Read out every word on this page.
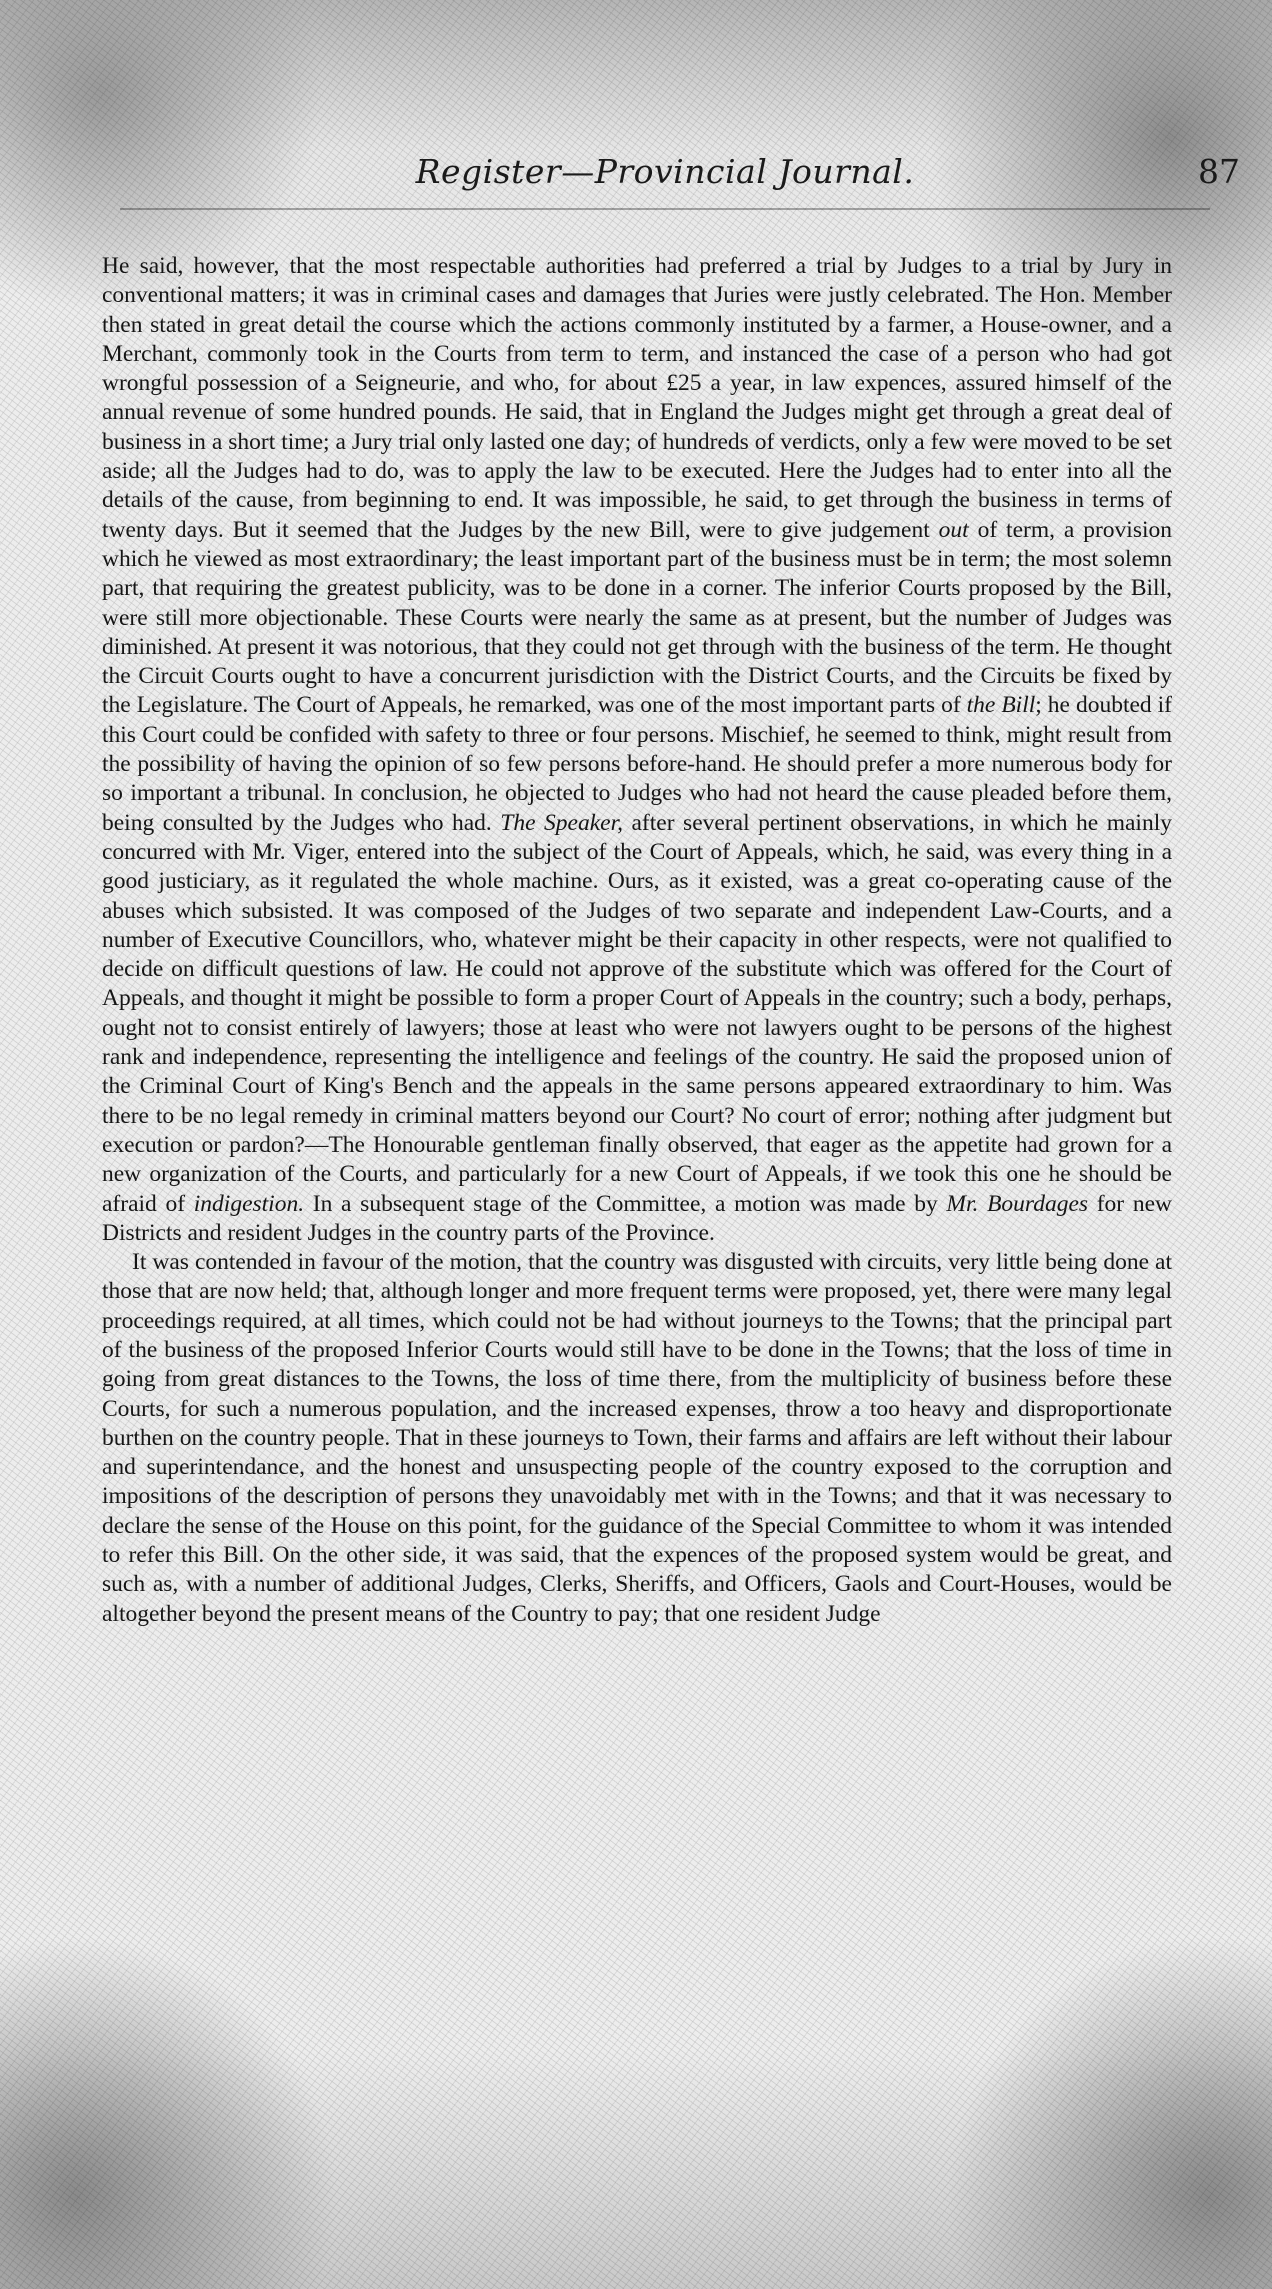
Register—Provincial Journal.	87

He said, however, that the most respectable authorities had preferred a trial by Judges to a trial by Jury in conventional matters; it was in criminal cases and damages that Juries were justly celebrated. The Hon. Member then stated in great detail the course which the actions commonly instituted by a farmer, a House-owner, and a Merchant, commonly took in the Courts from term to term, and instanced the case of a person who had got wrongful possession of a Seigneurie, and who, for about £25 a year, in law expences, assured himself of the annual revenue of some hundred pounds. He said, that in England the Judges might get through a great deal of business in a short time; a Jury trial only lasted one day; of hundreds of verdicts, only a few were moved to be set aside; all the Judges had to do, was to apply the law to be executed. Here the Judges had to enter into all the details of the cause, from beginning to end. It was impossible, he said, to get through the business in terms of twenty days. But it seemed that the Judges by the new Bill, were to give judgement out of term, a provision which he viewed as most extraordinary; the least important part of the business must be in term; the most solemn part, that requiring the greatest publicity, was to be done in a corner. The inferior Courts proposed by the Bill, were still more objectionable. These Courts were nearly the same as at present, but the number of Judges was diminished. At present it was notorious, that they could not get through with the business of the term. He thought the Circuit Courts ought to have a concurrent jurisdiction with the District Courts, and the Circuits be fixed by the Legislature. The Court of Appeals, he remarked, was one of the most important parts of the Bill; he doubted if this Court could be confided with safety to three or four persons. Mischief, he seemed to think, might result from the possibility of having the opinion of so few persons before-hand. He should prefer a more numerous body for so important a tribunal. In conclusion, he objected to Judges who had not heard the cause pleaded before them, being consulted by the Judges who had. The Speaker, after several pertinent observations, in which he mainly concurred with Mr. Viger, entered into the subject of the Court of Appeals, which, he said, was every thing in a good justiciary, as it regulated the whole machine. Ours, as it existed, was a great co-operating cause of the abuses which subsisted. It was composed of the Judges of two separate and independent Law-Courts, and a number of Executive Councillors, who, whatever might be their capacity in other respects, were not qualified to decide on difficult questions of law. He could not approve of the substitute which was offered for the Court of Appeals, and thought it might be possible to form a proper Court of Appeals in the country; such a body, perhaps, ought not to consist entirely of lawyers; those at least who were not lawyers ought to be persons of the highest rank and independence, representing the intelligence and feelings of the country. He said the proposed union of the Criminal Court of King's Bench and the appeals in the same persons appeared extraordinary to him. Was there to be no legal remedy in criminal matters beyond our Court? No court of error; nothing after judgment but execution or pardon?—The Honourable gentleman finally observed, that eager as the appetite had grown for a new organization of the Courts, and particularly for a new Court of Appeals, if we took this one he should be afraid of indigestion. In a subsequent stage of the Committee, a motion was made by Mr. Bourdages for new Districts and resident Judges in the country parts of the Province.

It was contended in favour of the motion, that the country was disgusted with circuits, very little being done at those that are now held; that, although longer and more frequent terms were proposed, yet, there were many legal proceedings required, at all times, which could not be had without journeys to the Towns; that the principal part of the business of the proposed Inferior Courts would still have to be done in the Towns; that the loss of time in going from great distances to the Towns, the loss of time there, from the multiplicity of business before these Courts, for such a numerous population, and the increased expenses, throw a too heavy and disproportionate burthen on the country people. That in these journeys to Town, their farms and affairs are left without their labour and superintendance, and the honest and unsuspecting people of the country exposed to the corruption and impositions of the description of persons they unavoidably met with in the Towns; and that it was necessary to declare the sense of the House on this point, for the guidance of the Special Committee to whom it was intended to refer this Bill. On the other side, it was said, that the expences of the proposed system would be great, and such as, with a number of additional Judges, Clerks, Sheriffs, and Officers, Gaols and Court-Houses, would be altogether beyond the present means of the Country to pay; that one resident Judge
